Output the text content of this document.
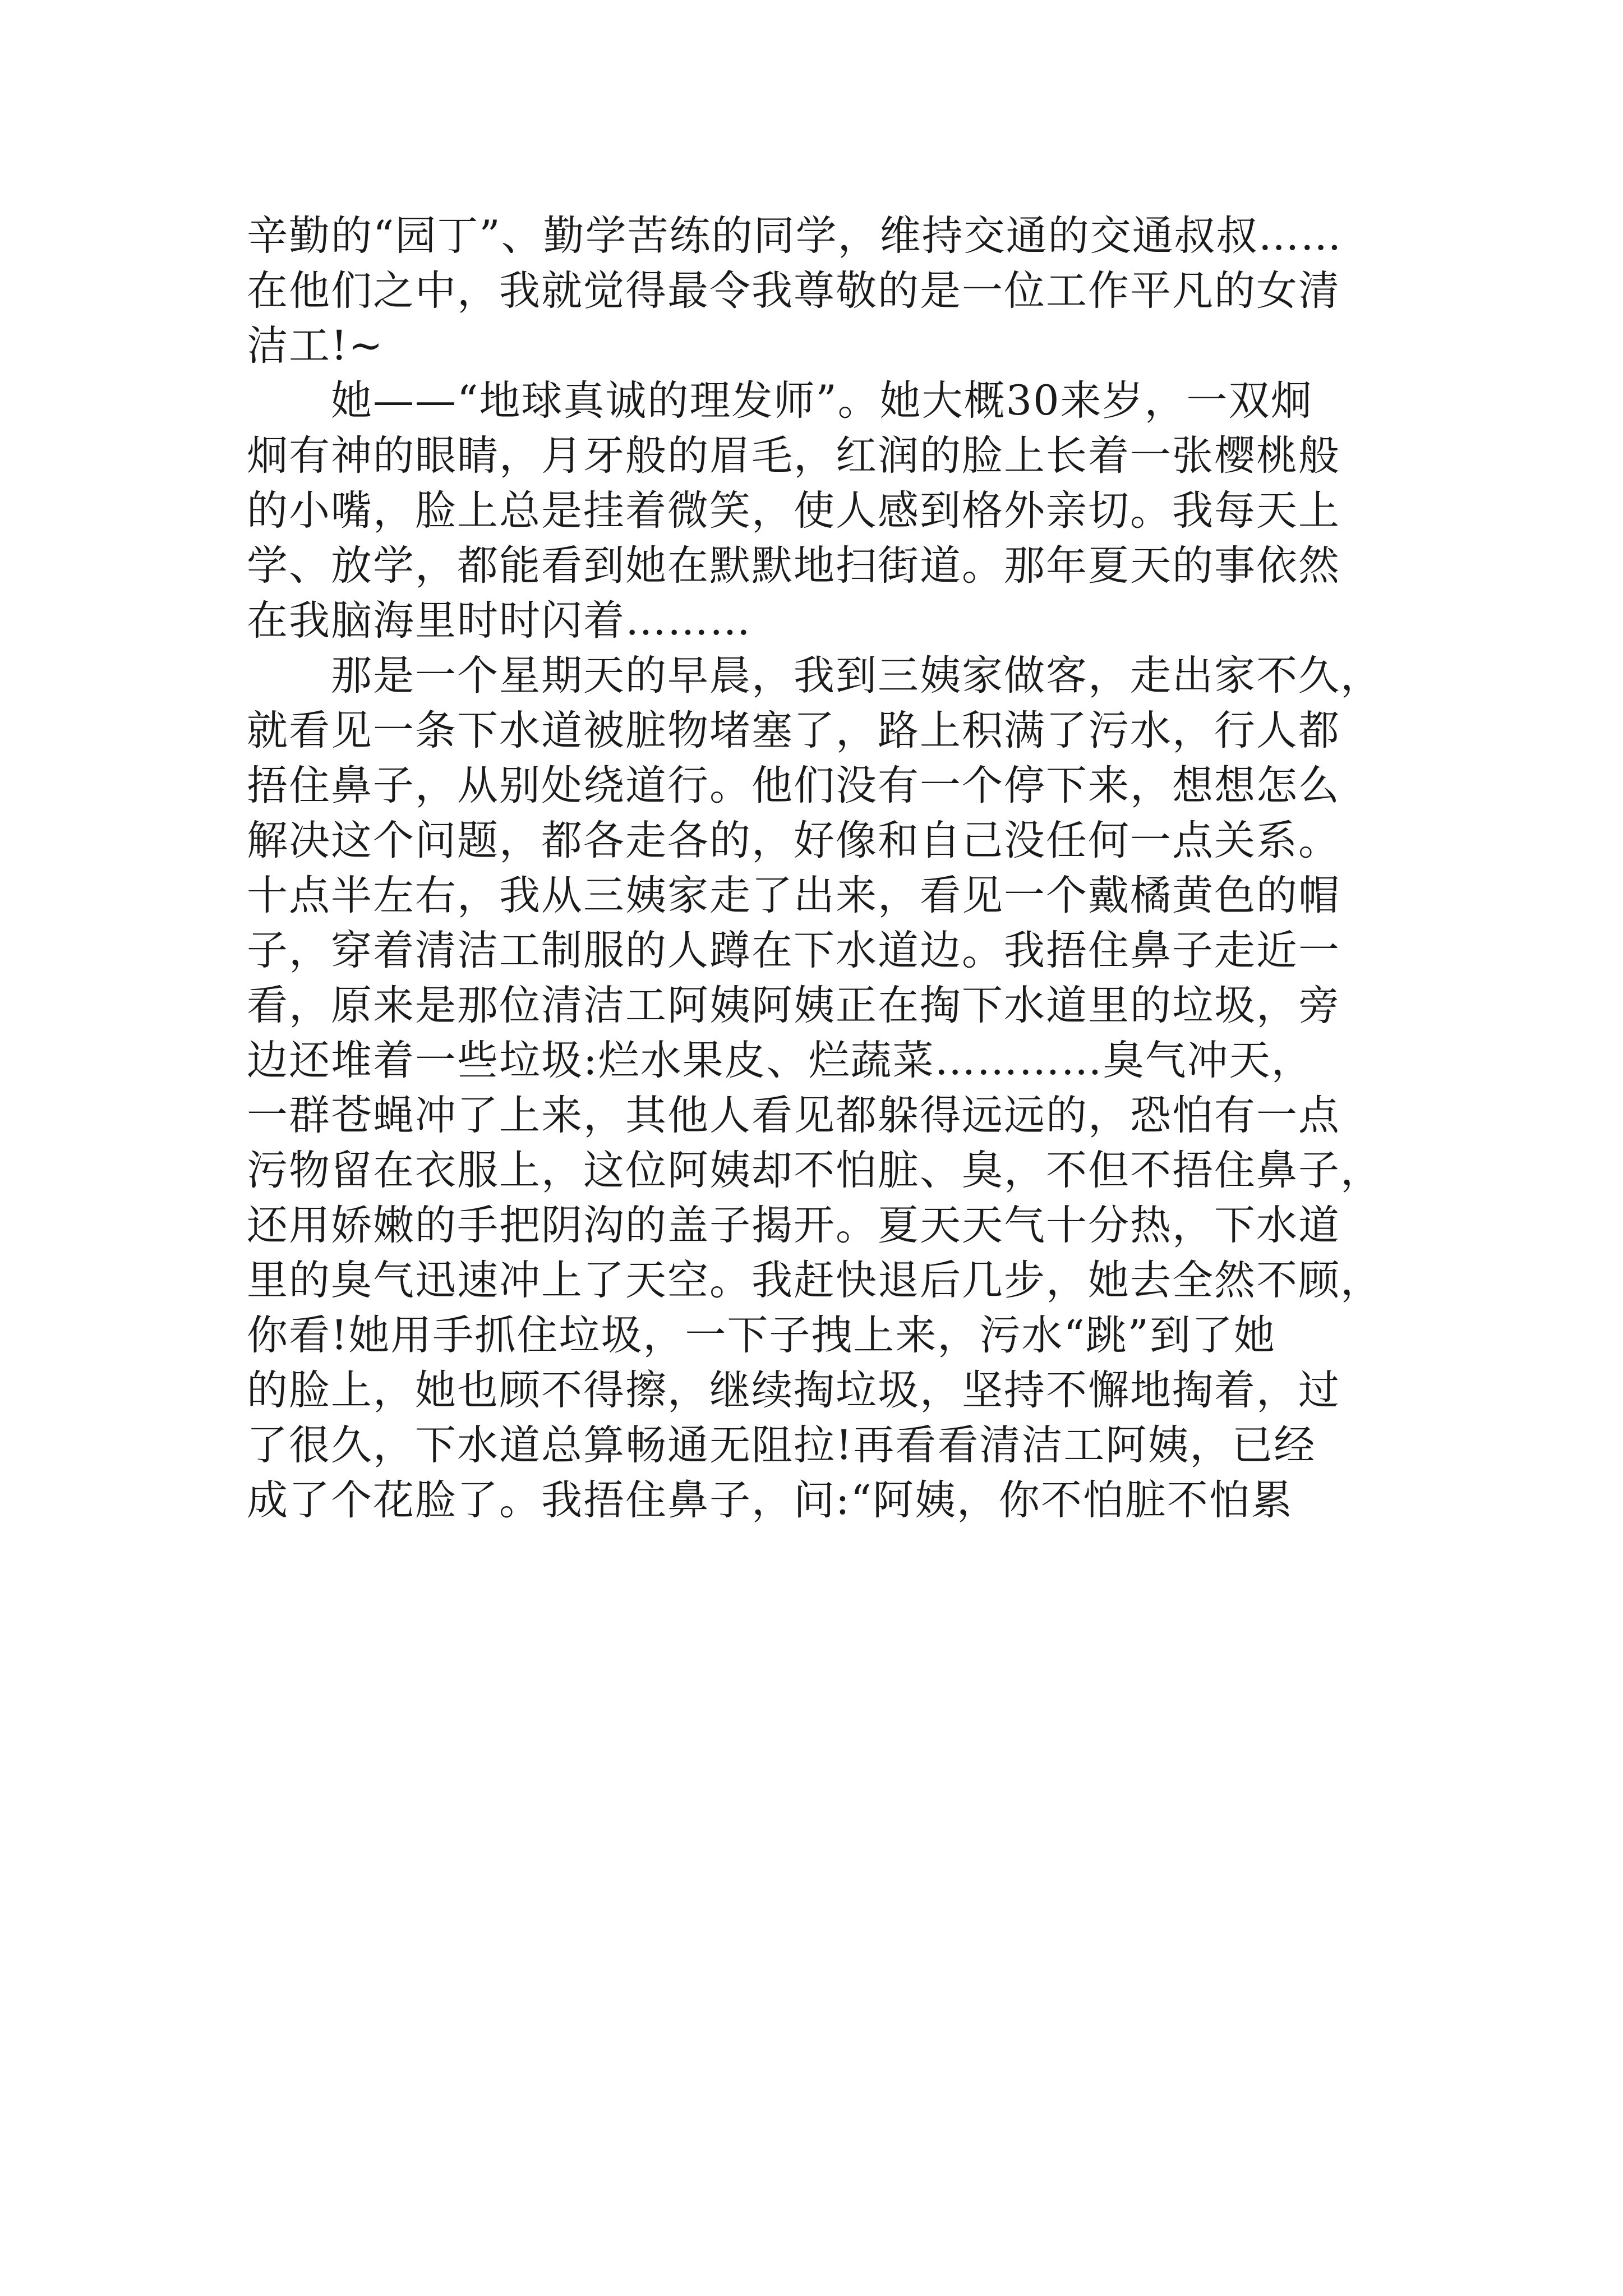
辛勤的“园丁”、勤学苦练的同学，维持交通的交通叔叔……
在他们之中，我就觉得最令我尊敬的是一位工作平凡的女清
洁工!~
她——“地球真诚的理发师”。她大概30来岁，一双炯
炯有神的眼睛，月牙般的眉毛，红润的脸上长着一张樱桃般
的小嘴，脸上总是挂着微笑，使人感到格外亲切。我每天上
学、放学，都能看到她在默默地扫街道。那年夏天的事依然
在我脑海里时时闪着………
那是一个星期天的早晨，我到三姨家做客，走出家不久，
就看见一条下水道被脏物堵塞了，路上积满了污水，行人都
捂住鼻子，从别处绕道行。他们没有一个停下来，想想怎么
解决这个问题，都各走各的，好像和自己没任何一点关系。
十点半左右，我从三姨家走了出来，看见一个戴橘黄色的帽
子，穿着清洁工制服的人蹲在下水道边。我捂住鼻子走近一
看，原来是那位清洁工阿姨阿姨正在掏下水道里的垃圾，旁
边还堆着一些垃圾:烂水果皮、烂蔬菜…………臭气冲天，
一群苍蝇冲了上来，其他人看见都躲得远远的，恐怕有一点
污物留在衣服上，这位阿姨却不怕脏、臭，不但不捂住鼻子，
还用娇嫩的手把阴沟的盖子揭开。夏天天气十分热，下水道
里的臭气迅速冲上了天空。我赶快退后几步，她去全然不顾，
你看!她用手抓住垃圾，一下子拽上来，污水“跳”到了她
的脸上，她也顾不得擦，继续掏垃圾，坚持不懈地掏着，过
了很久，下水道总算畅通无阻拉!再看看清洁工阿姨，已经
成了个花脸了。我捂住鼻子，问:“阿姨，你不怕脏不怕累
